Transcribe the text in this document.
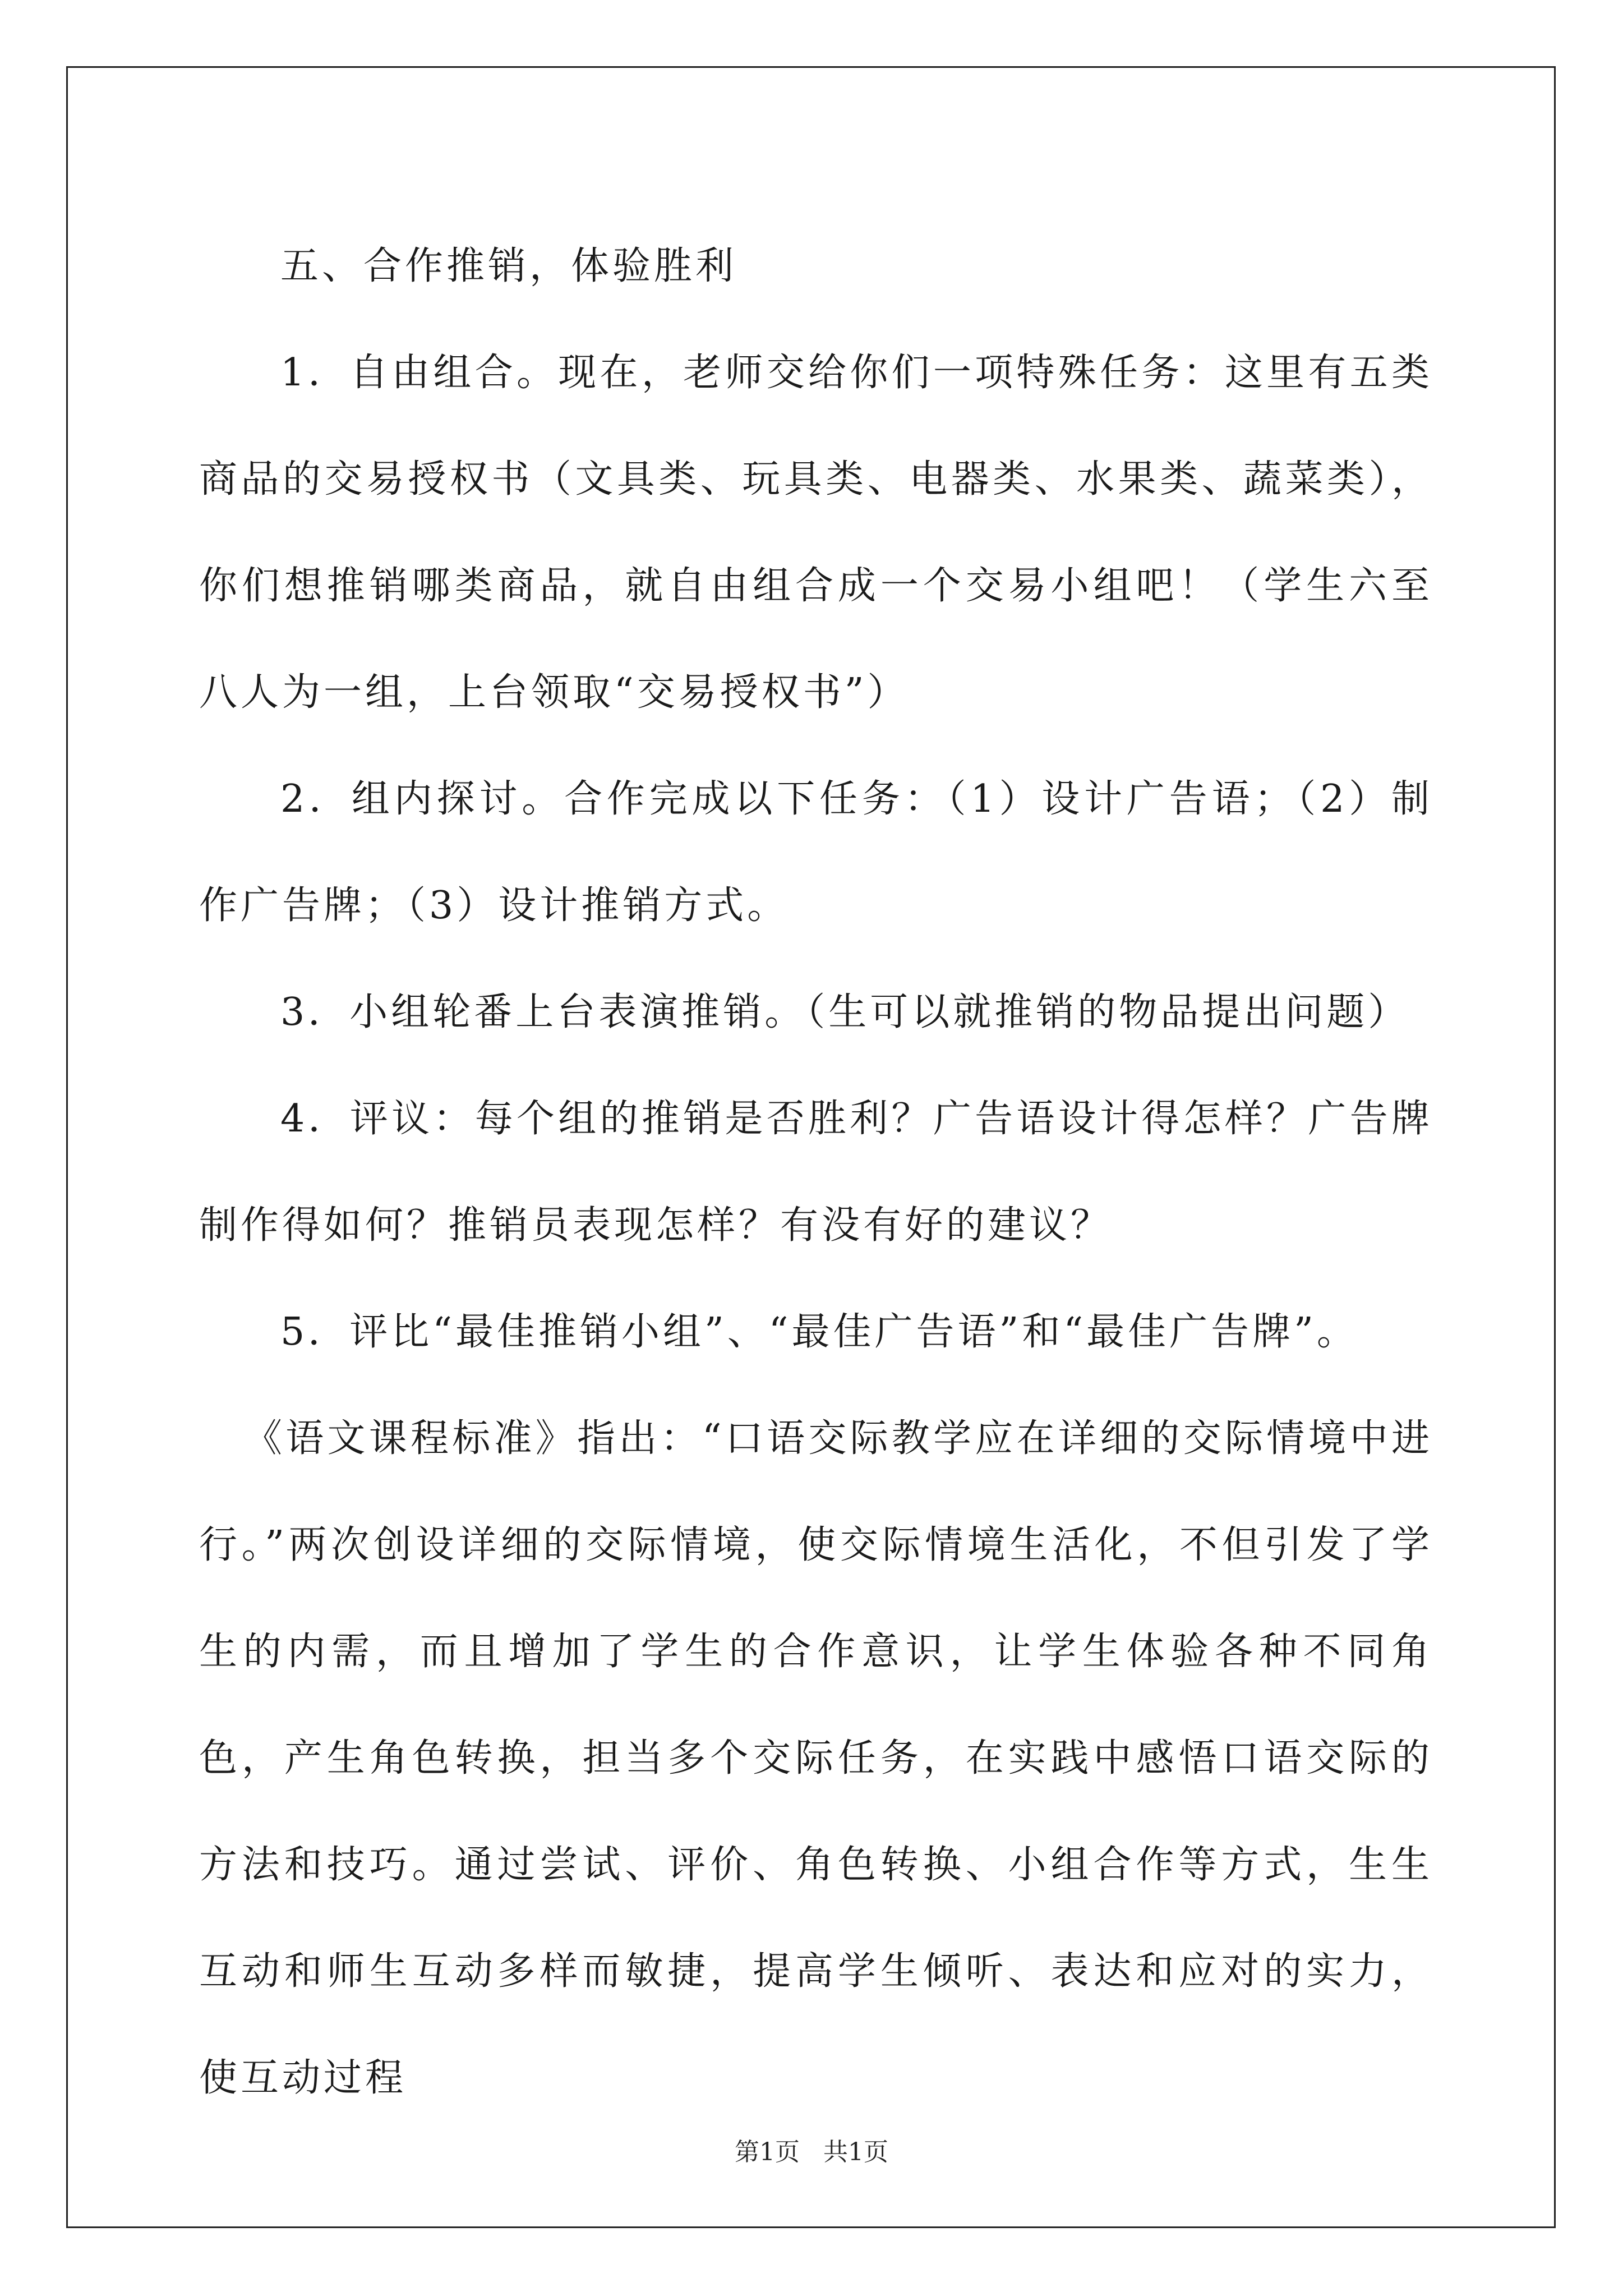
五、合作推销，体验胜利

1．自由组合。现在，老师交给你们一项特殊任务：这里有五类商品的交易授权书（文具类、玩具类、电器类、水果类、蔬菜类），你们想推销哪类商品，就自由组合成一个交易小组吧！（学生六至八人为一组，上台领取“交易授权书”）

2．组内探讨。合作完成以下任务：（1）设计广告语；（2）制作广告牌；（3）设计推销方式。

3．小组轮番上台表演推销。（生可以就推销的物品提出问题）

4．评议：每个组的推销是否胜利？广告语设计得怎样？广告牌制作得如何？推销员表现怎样？有没有好的建议？

5．评比“最佳推销小组”、“最佳广告语”和“最佳广告牌”。

《语文课程标准》指出：“口语交际教学应在详细的交际情境中进行。”两次创设详细的交际情境，使交际情境生活化，不但引发了学生的内需，而且增加了学生的合作意识，让学生体验各种不同角色，产生角色转换，担当多个交际任务，在实践中感悟口语交际的方法和技巧。通过尝试、评价、角色转换、小组合作等方式，生生互动和师生互动多样而敏捷，提高学生倾听、表达和应对的实力，使互动过程

第1页 共1页
